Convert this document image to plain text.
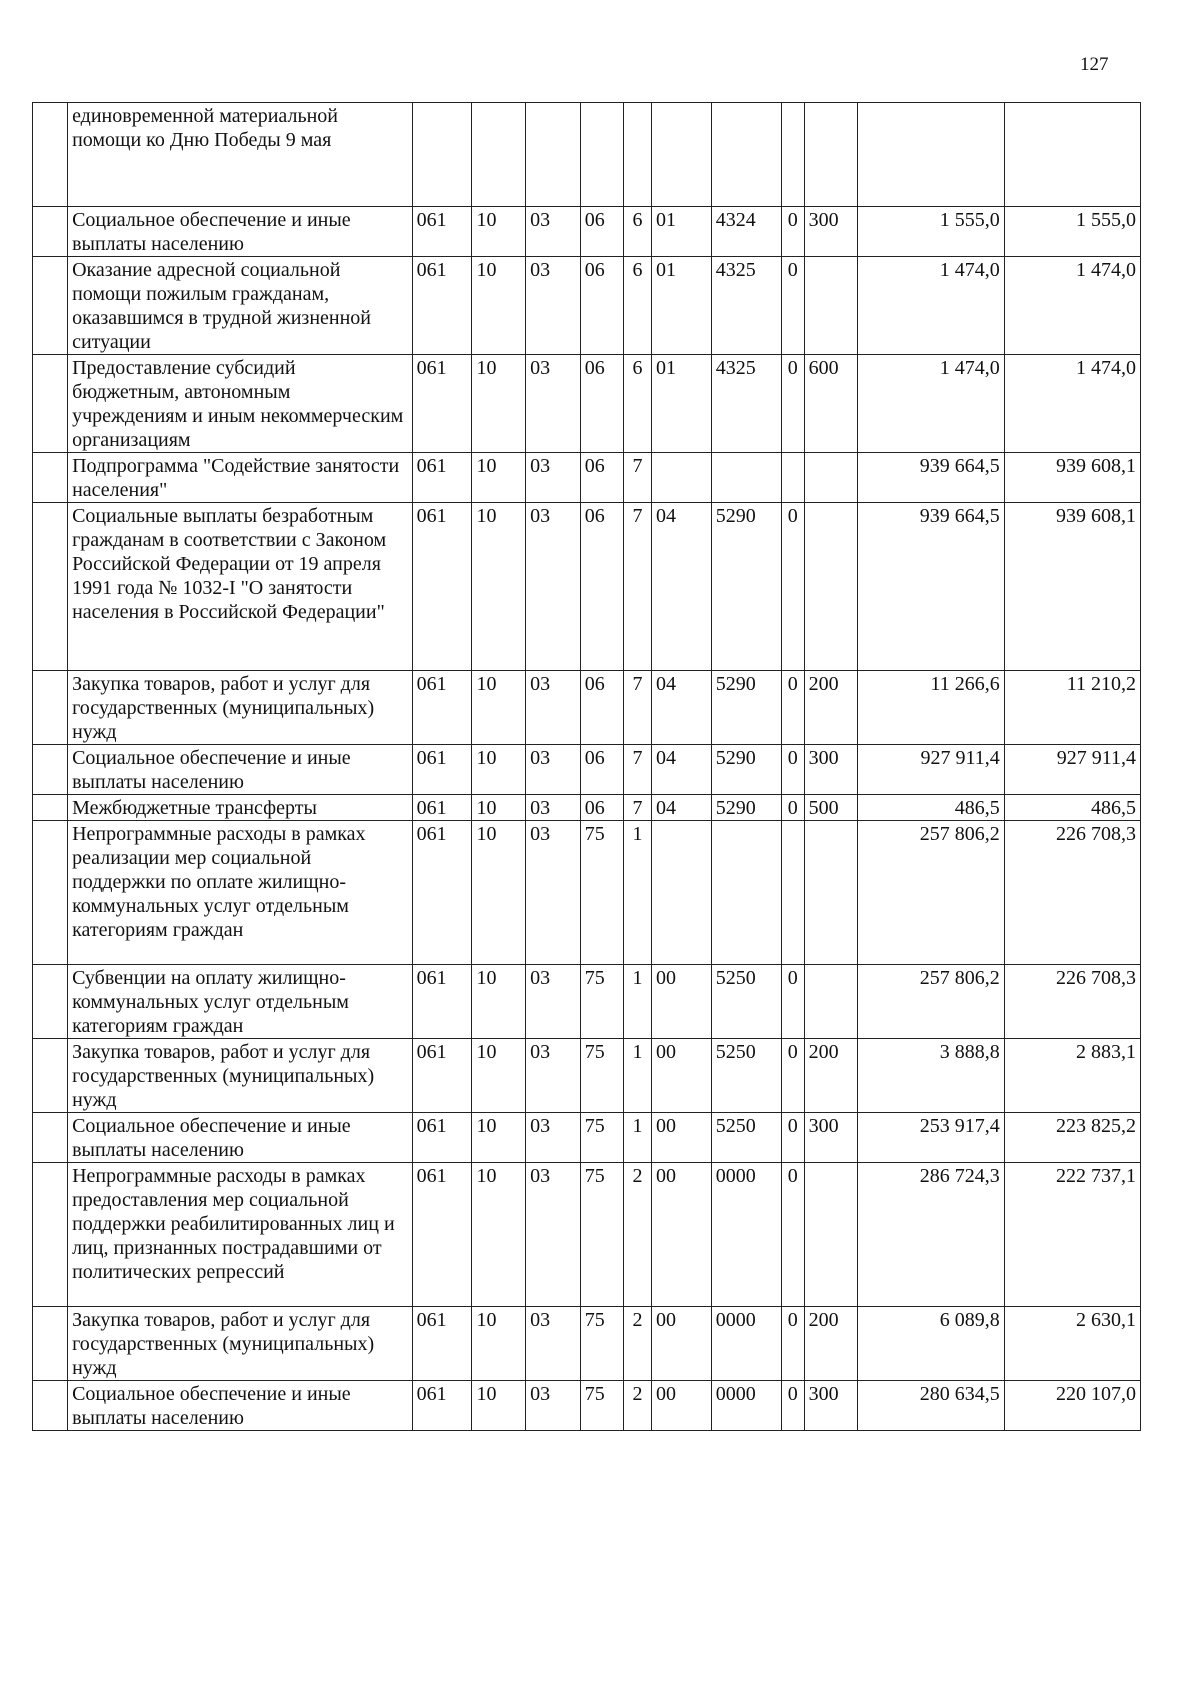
127
	единовременной материальной помощи ко Дню Победы 9 мая											
	Социальное обеспечение и иные выплаты населению	061	10	03	06	6	01	4324	0	300	1 555,0	1 555,0
	Оказание адресной социальной помощи пожилым гражданам, оказавшимся в трудной жизненной ситуации	061	10	03	06	6	01	4325	0		1 474,0	1 474,0
	Предоставление субсидий бюджетным, автономным учреждениям и иным некоммерческим организациям	061	10	03	06	6	01	4325	0	600	1 474,0	1 474,0
	Подпрограмма "Содействие занятости населения"	061	10	03	06	7					939 664,5	939 608,1
	Социальные выплаты безработным гражданам в соответствии с Законом Российской Федерации от 19 апреля 1991 года № 1032-I "О занятости населения в Российской Федерации"	061	10	03	06	7	04	5290	0		939 664,5	939 608,1
	Закупка товаров, работ и услуг для государственных (муниципальных) нужд	061	10	03	06	7	04	5290	0	200	11 266,6	11 210,2
	Социальное обеспечение и иные выплаты населению	061	10	03	06	7	04	5290	0	300	927 911,4	927 911,4
	Межбюджетные трансферты	061	10	03	06	7	04	5290	0	500	486,5	486,5
	Непрограммные расходы в рамках реализации мер социальной поддержки по оплате жилищно-коммунальных услуг отдельным категориям граждан	061	10	03	75	1					257 806,2	226 708,3
	Субвенции на оплату жилищно-коммунальных услуг отдельным категориям граждан	061	10	03	75	1	00	5250	0		257 806,2	226 708,3
	Закупка товаров, работ и услуг для государственных (муниципальных) нужд	061	10	03	75	1	00	5250	0	200	3 888,8	2 883,1
	Социальное обеспечение и иные выплаты населению	061	10	03	75	1	00	5250	0	300	253 917,4	223 825,2
	Непрограммные расходы в рамках предоставления мер социальной поддержки реабилитированных лиц и лиц, признанных пострадавшими от политических репрессий	061	10	03	75	2	00	0000	0		286 724,3	222 737,1
	Закупка товаров, работ и услуг для государственных (муниципальных) нужд	061	10	03	75	2	00	0000	0	200	6 089,8	2 630,1
	Социальное обеспечение и иные выплаты населению	061	10	03	75	2	00	0000	0	300	280 634,5	220 107,0
